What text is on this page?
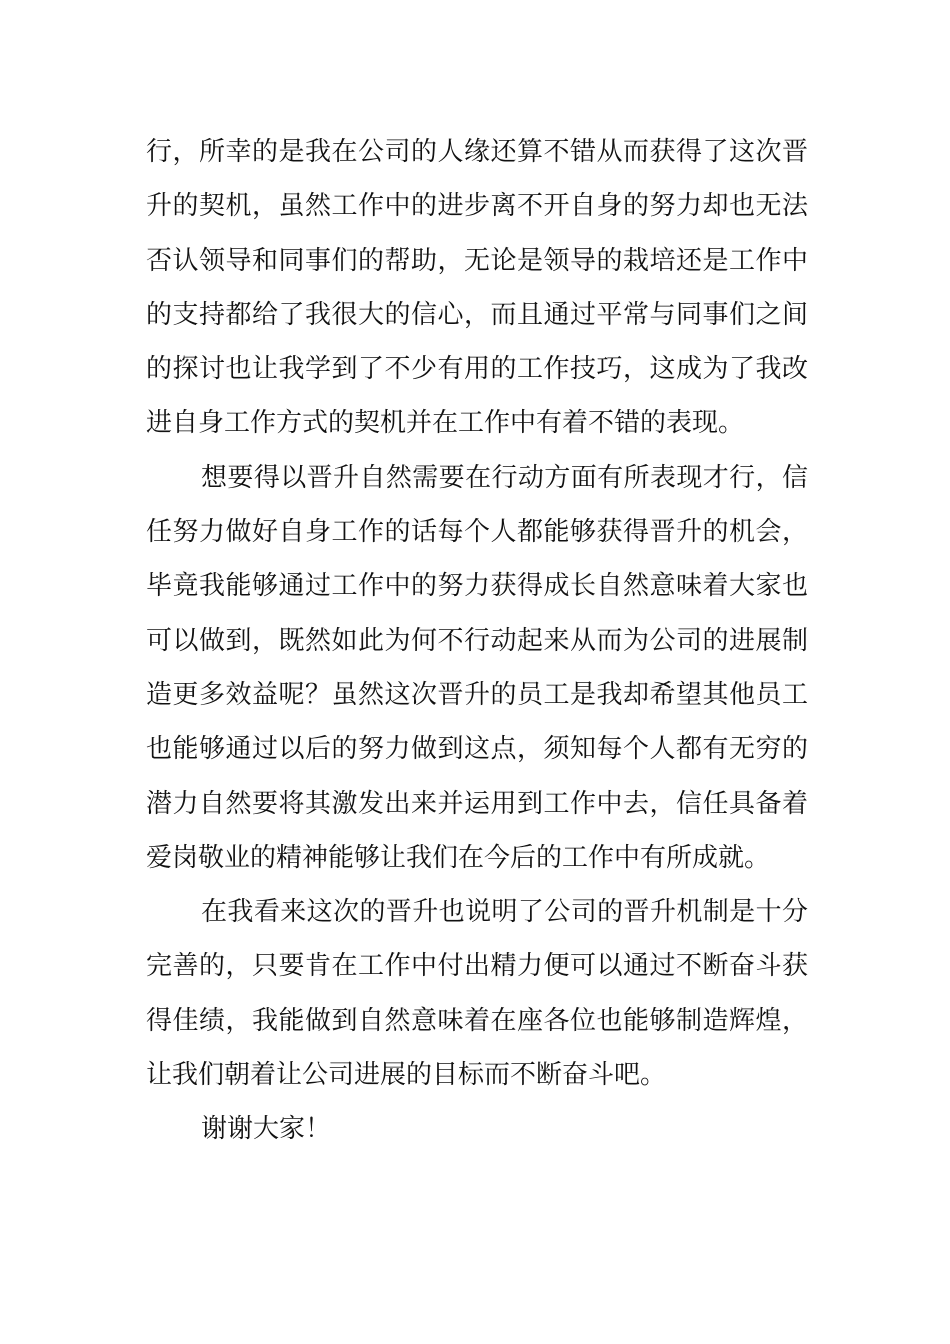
行，所幸的是我在公司的人缘还算不错从而获得了这次晋
升的契机，虽然工作中的进步离不开自身的努力却也无法
否认领导和同事们的帮助，无论是领导的栽培还是工作中
的支持都给了我很大的信心，而且通过平常与同事们之间
的探讨也让我学到了不少有用的工作技巧，这成为了我改
进自身工作方式的契机并在工作中有着不错的表现。
想要得以晋升自然需要在行动方面有所表现才行，信
任努力做好自身工作的话每个人都能够获得晋升的机会，
毕竟我能够通过工作中的努力获得成长自然意味着大家也
可以做到，既然如此为何不行动起来从而为公司的进展制
造更多效益呢？虽然这次晋升的员工是我却希望其他员工
也能够通过以后的努力做到这点，须知每个人都有无穷的
潜力自然要将其激发出来并运用到工作中去，信任具备着
爱岗敬业的精神能够让我们在今后的工作中有所成就。
在我看来这次的晋升也说明了公司的晋升机制是十分
完善的，只要肯在工作中付出精力便可以通过不断奋斗获
得佳绩，我能做到自然意味着在座各位也能够制造辉煌，
让我们朝着让公司进展的目标而不断奋斗吧。
谢谢大家！
